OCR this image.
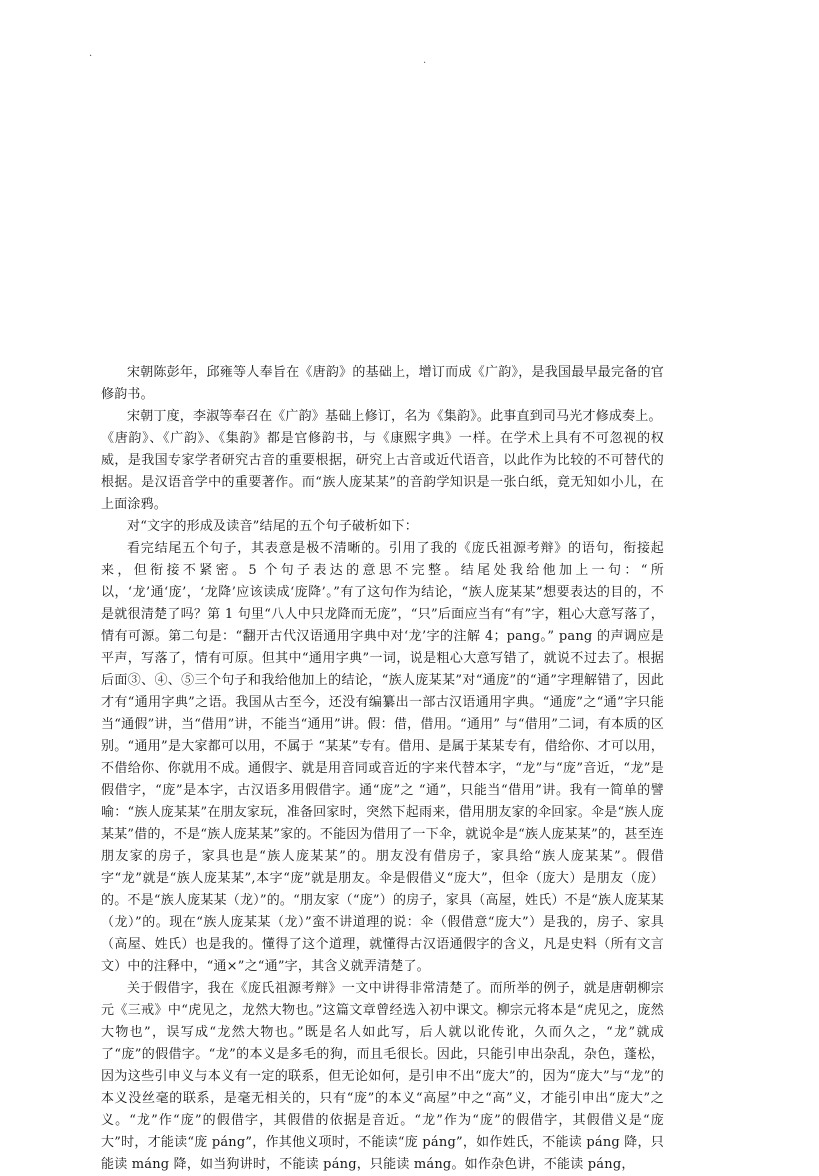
·	.

宋朝陈彭年，邱雍等人奉旨在《唐韵》的基础上，增订而成《广韵》，是我国最早最完备的官修韵书。

宋朝丁度，李淑等奉召在《广韵》基础上修订，名为《集韵》。此事直到司马光才修成奏上。

《唐韵》、《广韵》、《集韵》都是官修韵书，与《康熙字典》一样。在学术上具有不可忽视的权威，是我国专家学者研究古音的重要根据，研究上古音或近代语音，以此作为比较的不可替代的根据。是汉语音学中的重要著作。而“族人庞某某”的音韵学知识是一张白纸，竟无知如小儿，在上面涂鸦。

对“文字的形成及读音”结尾的五个句子破析如下：

看完结尾五个句子，其表意是极不清晰的。引用了我的《庞氏祖源考辩》的语句，衔接起来，但衔接不紧密。5 个句子表达的意思不完整。结尾处我给他加上一句：“所以，‘龙’通‘庞’，‘龙降’应该读成‘庞降’。”有了这句作为结论，“族人庞某某”想要表达的目的，不是就很清楚了吗？第 1 句里“八人中只龙降而无庞”，“只”后面应当有“有”字，粗心大意写落了，情有可源。第二句是：“翻开古代汉语通用字典中对‘龙’字的注解 4；pang。” pang 的声调应是平声，写落了，情有可原。但其中“通用字典”一词，说是粗心大意写错了，就说不过去了。根据后面③、④、⑤三个句子和我给他加上的结论，“族人庞某某”对“通庞”的“通”字理解错了，因此才有“通用字典”之语。我国从古至今，还没有编纂出一部古汉语通用字典。“通庞”之“通”字只能当“通假”讲，当“借用”讲，不能当“通用”讲。假：借，借用。“通用” 与“借用”二词，有本质的区别。“通用”是大家都可以用，不属于 “某某”专有。借用、是属于某某专有，借给你、才可以用，不借给你、你就用不成。通假字、就是用音同或音近的字来代替本字，“龙”与“庞”音近，“龙”是假借字，“庞”是本字，古汉语多用假借字。通“庞”之 “通”，只能当“借用”讲。我有一简单的譬喻：“族人庞某某”在朋友家玩，准备回家时，突然下起雨来，借用朋友家的伞回家。伞是“族人庞某某”借的，不是“族人庞某某”家的。不能因为借用了一下伞，就说伞是“族人庞某某”的，甚至连朋友家的房子，家具也是“族人庞某某”的。朋友没有借房子，家具给“族人庞某某”。假借字“龙”就是“族人庞某某”,本字“庞”就是朋友。伞是假借义“庞大”，但伞（庞大）是朋友（庞）的。不是“族人庞某某（龙）”的。“朋友家（“庞”）的房子，家具（高屋，姓氏）不是“族人庞某某（龙）”的。现在“族人庞某某（龙）”蛮不讲道理的说：伞（假借意“庞大”）是我的，房子、家具（高屋、姓氏）也是我的。懂得了这个道理，就懂得古汉语通假字的含义，凡是史料（所有文言文）中的注释中，“通×”之“通”字，其含义就弄清楚了。

关于假借字，我在《庞氏祖源考辩》一文中讲得非常清楚了。而所举的例子，就是唐朝柳宗元《三戒》中“虎见之，龙然大物也。”这篇文章曾经选入初中课文。柳宗元将本是“虎见之，庞然大物也”，误写成“龙然大物也。”既是名人如此写，后人就以讹传讹，久而久之，“龙”就成了“庞”的假借字。“龙”的本义是多毛的狗，而且毛很长。因此，只能引申出杂乱，杂色，蓬松，因为这些引申义与本义有一定的联系，但无论如何，是引申不出“庞大”的，因为“庞大”与“龙”的本义没丝毫的联系，是毫无相关的，只有“庞”的本义“高屋”中之“高”义，才能引申出“庞大”之义。“龙”作“庞”的假借字，其假借的依据是音近。“龙”作为“庞”的假借字，其假借义是“庞大”时，才能读“庞 páng”，作其他义项时，不能读“庞 páng”，如作姓氏，不能读 páng 降，只能读 máng 降，如当狗讲时，不能读 páng，只能读 máng。如作杂色讲，不能读 páng，
